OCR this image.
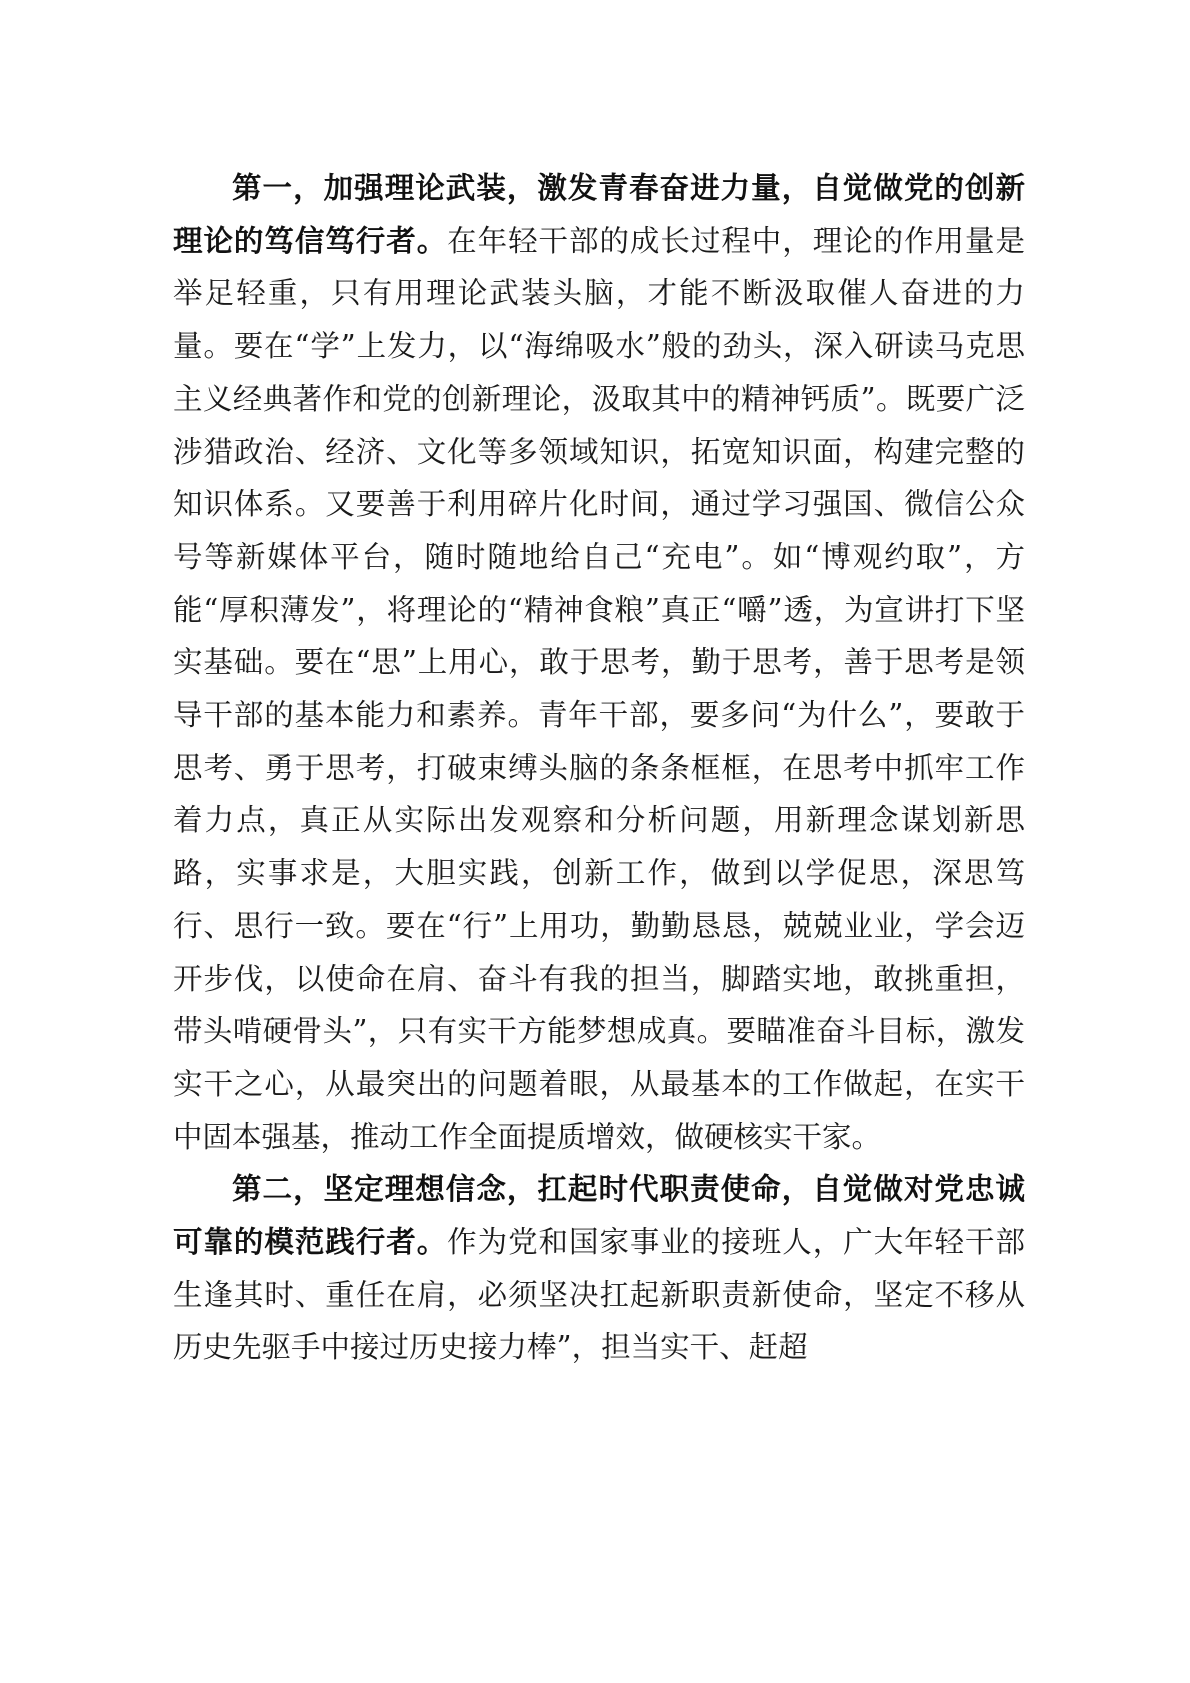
第一，加强理论武装，激发青春奋进力量，自觉做党的创新理论的笃信笃行者。在年轻干部的成长过程中，理论的作用量是举足轻重，只有用理论武装头脑，才能不断汲取催人奋进的力量。要在“学”上发力，以“海绵吸水”般的劲头，深入研读马克思主义经典著作和党的创新理论，汲取其中的精神钙质”。既要广泛涉猎政治、经济、文化等多领域知识，拓宽知识面，构建完整的知识体系。又要善于利用碎片化时间，通过学习强国、微信公众号等新媒体平台，随时随地给自己“充电”。如“博观约取”，方能“厚积薄发”，将理论的“精神食粮”真正“嚼”透，为宣讲打下坚实基础。要在“思”上用心，敢于思考，勤于思考，善于思考是领导干部的基本能力和素养。青年干部，要多问“为什么”，要敢于思考、勇于思考，打破束缚头脑的条条框框，在思考中抓牢工作着力点，真正从实际出发观察和分析问题，用新理念谋划新思路，实事求是，大胆实践，创新工作，做到以学促思，深思笃行、思行一致。要在“行”上用功，勤勤恳恳，兢兢业业，学会迈开步伐，以使命在肩、奋斗有我的担当，脚踏实地，敢挑重担，带头啃硬骨头”，只有实干方能梦想成真。要瞄准奋斗目标，激发实干之心，从最突出的问题着眼，从最基本的工作做起，在实干中固本强基，推动工作全面提质增效，做硬核实干家。

第二，坚定理想信念，扛起时代职责使命，自觉做对党忠诚可靠的模范践行者。作为党和国家事业的接班人，广大年轻干部生逢其时、重任在肩，必须坚决扛起新职责新使命，坚定不移从历史先驱手中接过历史接力棒”，担当实干、赶超
